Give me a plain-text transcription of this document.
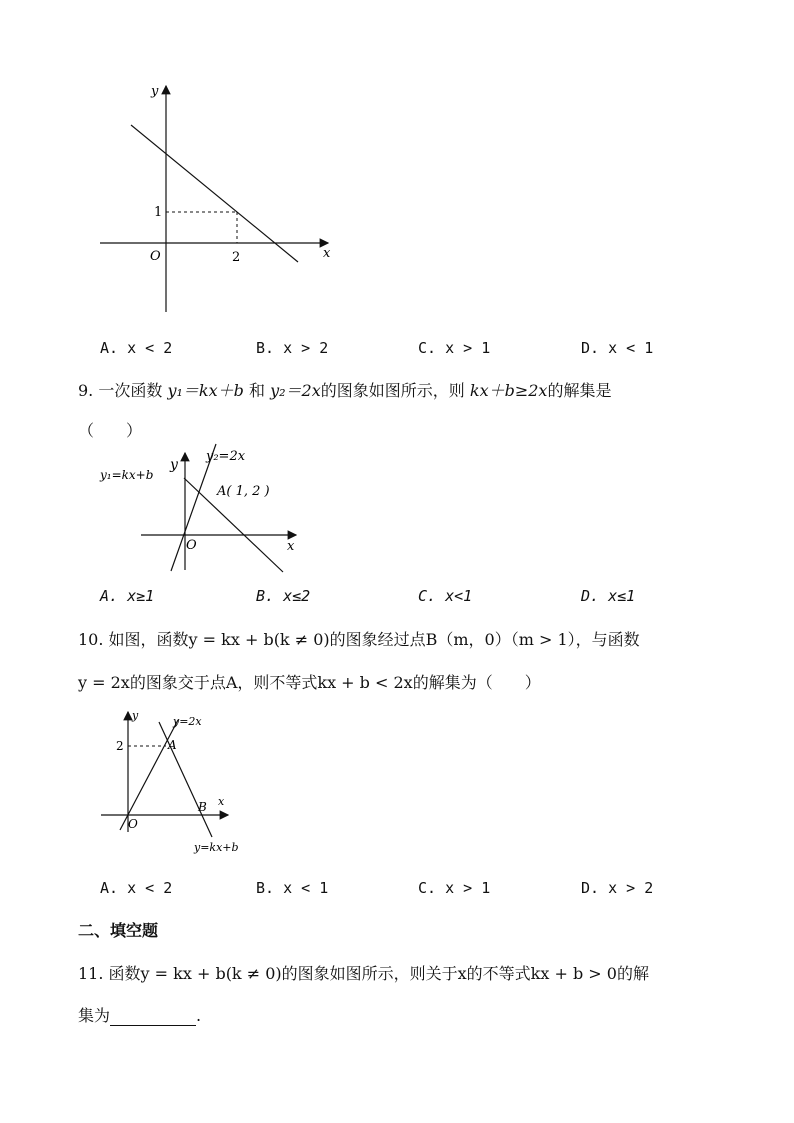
y
x
O
1
2
A. x < 2	B. x > 2	C. x > 1	D. x < 1
9. 一次函数 y₁＝kx＋b 和 y₂＝2x的图象如图所示，则 kx＋b≥2x的解集是
（　　）
y₂=2x
y₁=kx+b
y
A( 1, 2 )
x
O
A. x≥1	B. x≤2	C. x<1	D. x≤1
10. 如图，函数y = kx + b(k ≠ 0)的图象经过点B（m，0）（m > 1），与函数
y = 2x的图象交于点A，则不等式kx + b < 2x的解集为（　　）
y	y=2x
2	A
x
B
O
y=kx+b
A. x < 2	B. x < 1	C. x > 1	D. x > 2
二、填空题
11. 函数y = kx + b(k ≠ 0)的图象如图所示，则关于x的不等式kx + b > 0的解
集为	.
